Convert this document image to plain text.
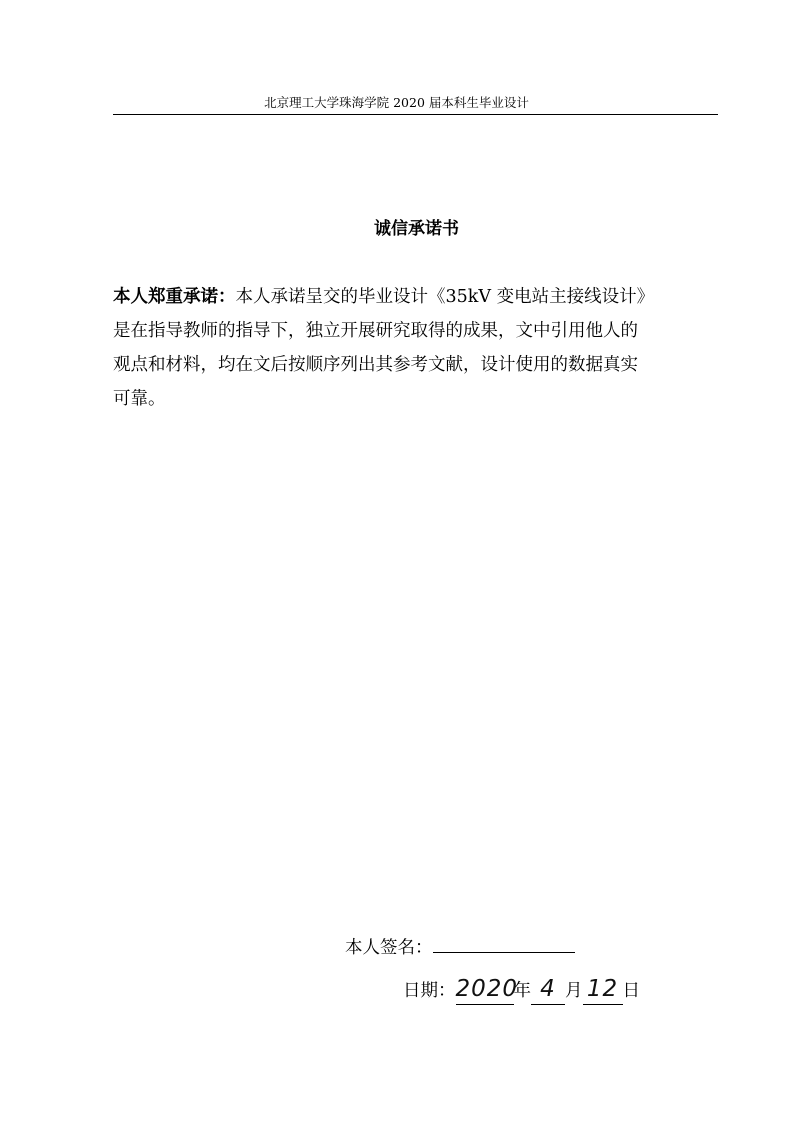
北京理工大学珠海学院 2020 届本科生毕业设计
诚信承诺书
本人郑重承诺：本人承诺呈交的毕业设计《35kV 变电站主接线设计》
是在指导教师的指导下，独立开展研究取得的成果，文中引用他人的
观点和材料，均在文后按顺序列出其参考文献，设计使用的数据真实
可靠。
本人签名：
日期：2020年 4 月 12 日
